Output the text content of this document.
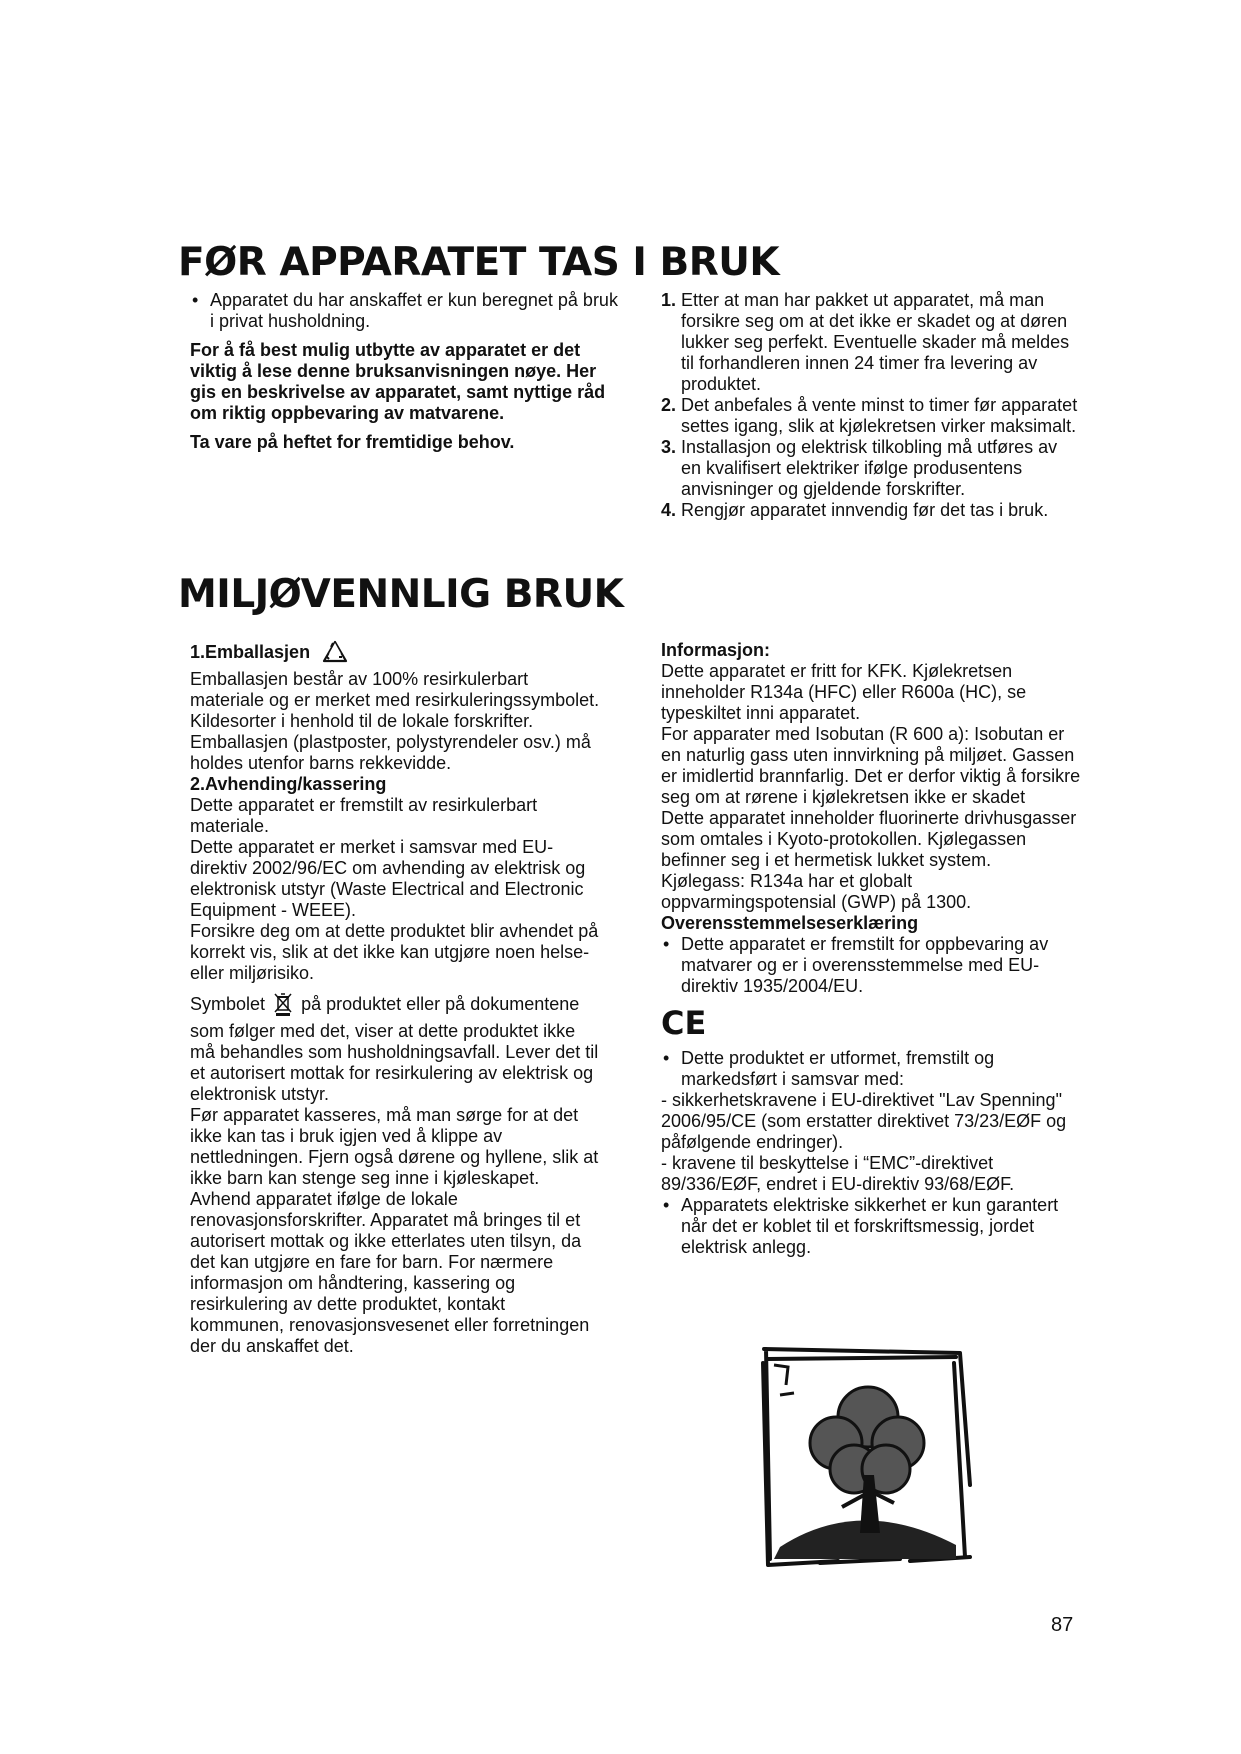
FØR APPARATET TAS I BRUK

• Apparatet du har anskaffet er kun beregnet på bruk i privat husholdning.

For å få best mulig utbytte av apparatet er det viktig å lese denne bruksanvisningen nøye. Her gis en beskrivelse av apparatet, samt nyttige råd om riktig oppbevaring av matvarene.

Ta vare på heftet for fremtidige behov.

1. Etter at man har pakket ut apparatet, må man forsikre seg om at det ikke er skadet og at døren lukker seg perfekt. Eventuelle skader må meldes til forhandleren innen 24 timer fra levering av produktet.

2. Det anbefales å vente minst to timer før apparatet settes igang, slik at kjølekretsen virker maksimalt.

3. Installasjon og elektrisk tilkobling må utføres av en kvalifisert elektriker ifølge produsentens anvisninger og gjeldende forskrifter.

4. Rengjør apparatet innvendig før det tas i bruk.

MILJØVENNLIG BRUK

1.Emballasjen

Emballasjen består av 100% resirkulerbart materiale og er merket med resirkuleringssymbolet. Kildesorter i henhold til de lokale forskrifter. Emballasjen (plastposter, polystyrendeler osv.) må holdes utenfor barns rekkevidde.

2.Avhending/kassering

Dette apparatet er fremstilt av resirkulerbart materiale.

Dette apparatet er merket i samsvar med EU-direktiv 2002/96/EC om avhending av elektrisk og elektronisk utstyr (Waste Electrical and Electronic Equipment - WEEE).

Forsikre deg om at dette produktet blir avhendet på korrekt vis, slik at det ikke kan utgjøre noen helse- eller miljørisiko.

Symbolet på produktet eller på dokumentene som følger med det, viser at dette produktet ikke må behandles som husholdningsavfall. Lever det til et autorisert mottak for resirkulering av elektrisk og elektronisk utstyr.

Før apparatet kasseres, må man sørge for at det ikke kan tas i bruk igjen ved å klippe av nettledningen. Fjern også dørene og hyllene, slik at ikke barn kan stenge seg inne i kjøleskapet. Avhend apparatet ifølge de lokale renovasjonsforskrifter. Apparatet må bringes til et autorisert mottak og ikke etterlates uten tilsyn, da det kan utgjøre en fare for barn. For nærmere informasjon om håndtering, kassering og resirkulering av dette produktet, kontakt kommunen, renovasjonsvesenet eller forretningen der du anskaffet det.

Informasjon:

Dette apparatet er fritt for KFK. Kjølekretsen inneholder R134a (HFC) eller R600a (HC), se typeskiltet inni apparatet.

For apparater med Isobutan (R 600 a): Isobutan er en naturlig gass uten innvirkning på miljøet. Gassen er imidlertid brannfarlig. Det er derfor viktig å forsikre seg om at rørene i kjølekretsen ikke er skadet

Dette apparatet inneholder fluorinerte drivhusgasser som omtales i Kyoto-protokollen. Kjølegassen befinner seg i et hermetisk lukket system.

Kjølegass: R134a har et globalt oppvarmingspotensial (GWP) på 1300.

Overensstemmelseserklæring

• Dette apparatet er fremstilt for oppbevaring av matvarer og er i overensstemmelse med EU-direktiv 1935/2004/EU.

CE

• Dette produktet er utformet, fremstilt og markedsført i samsvar med:

- sikkerhetskravene i EU-direktivet "Lav Spenning" 2006/95/CE (som erstatter direktivet 73/23/EØF og påfølgende endringer).

- kravene til beskyttelse i “EMC”-direktivet 89/336/EØF, endret i EU-direktiv 93/68/EØF.

• Apparatets elektriske sikkerhet er kun garantert når det er koblet til et forskriftsmessig, jordet elektrisk anlegg.

87
